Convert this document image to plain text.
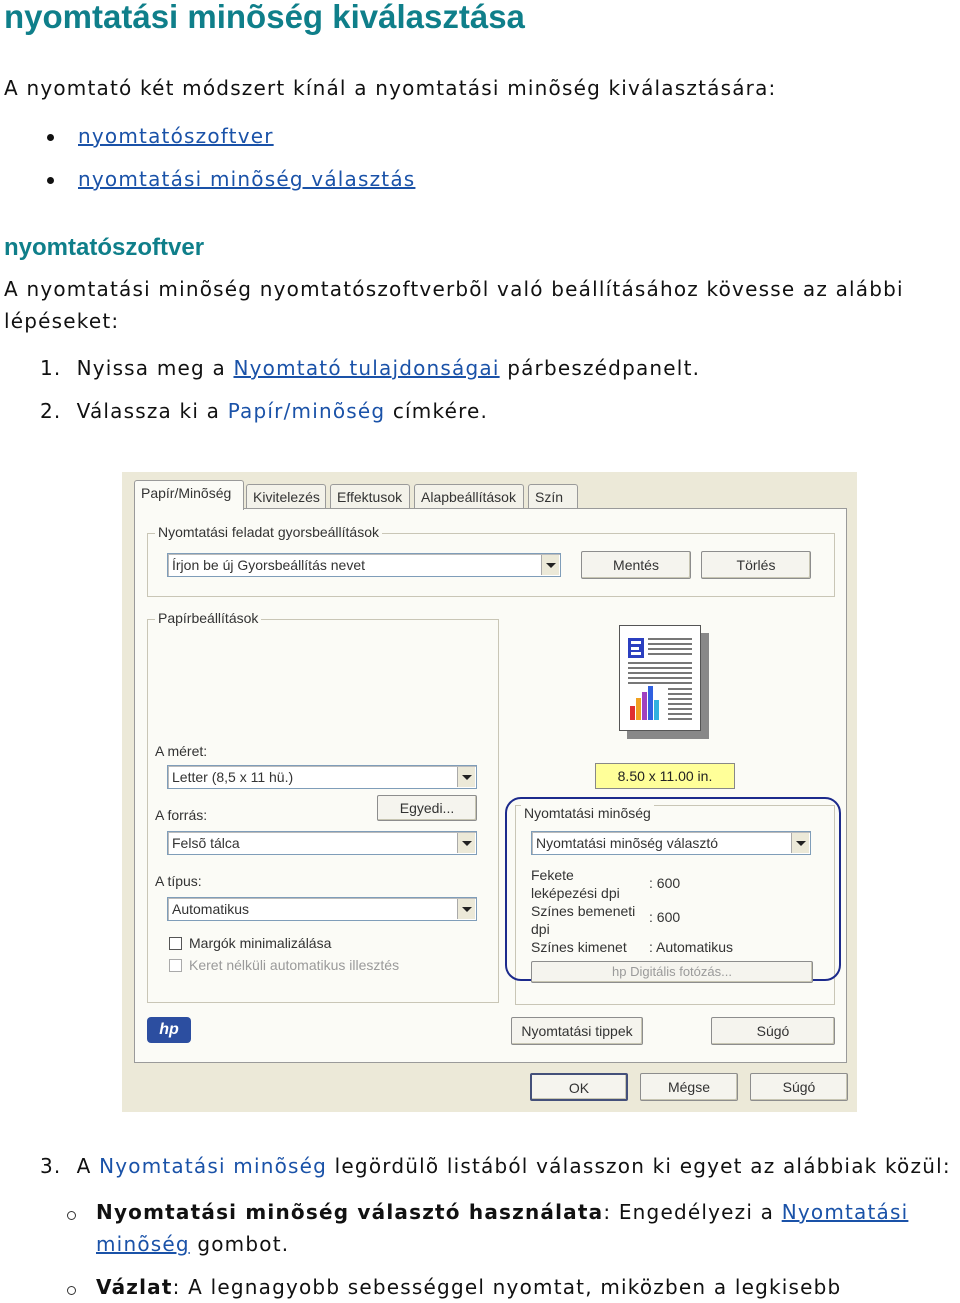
nyomtatási minõség kiválasztása
A nyomtató két módszert kínál a nyomtatási minõség kiválasztására:
nyomtatószoftver
nyomtatási minõség választás
nyomtatószoftver
A nyomtatási minõség nyomtatószoftverbõl való beállításához kövesse az alábbi
lépéseket:
1. Nyissa meg a Nyomtató tulajdonságai párbeszédpanelt.
2. Válassza ki a Papír/minõség címkére.
Papír/Minõség	Kivitelezés	Effektusok	Alapbeállítások	Szín
Nyomtatási feladat gyorsbeállítások
Írjon be új Gyorsbeállítás nevet	Mentés	Törlés
Papírbeállítások
A méret:
Letter (8,5 x 11 hü.)
Egyedi...
A forrás:
Felsõ tálca
A típus:
Automatikus
Margók minimalizálása
Keret nélküli automatikus illesztés
8.50 x 11.00 in.
Nyomtatási minõség
Nyomtatási minõség választó
Fekete
leképezési dpi
: 600
Színes bemeneti
dpi
: 600
Színes kimenet : Automatikus
hp Digitális fotózás...
hp	Nyomtatási tippek	Súgó
OK	Mégse	Súgó
3. A Nyomtatási minõség legördülõ listából válasszon ki egyet az alábbiak közül:
Nyomtatási minõség választó használata: Engedélyezi a Nyomtatási
minõség gombot.
Vázlat: A legnagyobb sebességgel nyomtat, miközben a legkisebb
